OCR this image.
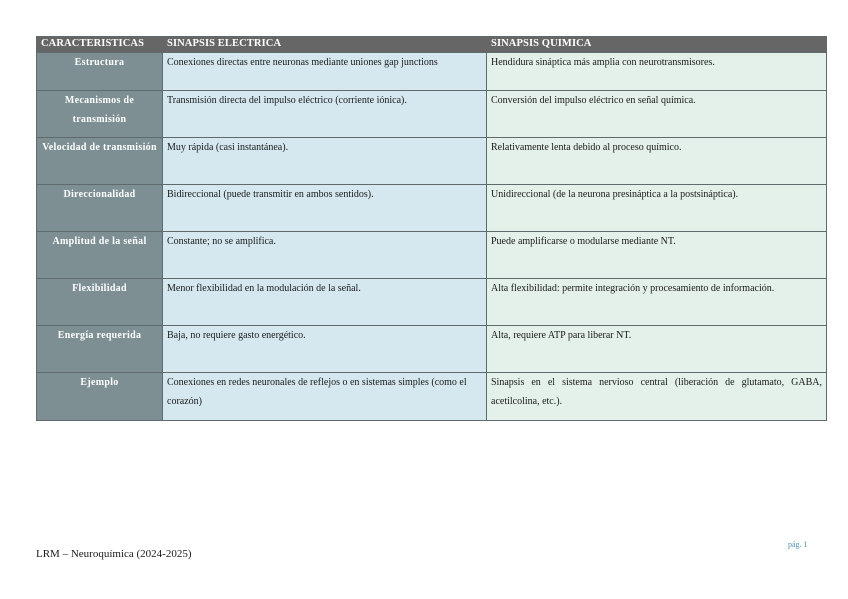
CARACTERISTICAS	SINAPSIS ELECTRICA	SINAPSIS QUIMICA
Estructura	Conexiones directas entre neuronas mediante uniones gap junctions	Hendidura sináptica más amplia con neurotransmisores.
Mecanismos de transmisión	Transmisión directa del impulso eléctrico (corriente iónica).	Conversión del impulso eléctrico en señal química.
Velocidad de transmisión	Muy rápida (casi instantánea).	Relativamente lenta debido al proceso químico.
Direccionalidad	Bidireccional (puede transmitir en ambos sentidos).	Unidireccional (de la neurona presináptica a la postsináptica).
Amplitud de la señal	Constante; no se amplifica.	Puede amplificarse o modularse mediante NT.
Flexibilidad	Menor flexibilidad en la modulación de la señal.	Alta flexibilidad: permite integración y procesamiento de información.
Energía requerida	Baja, no requiere gasto energético.	Alta, requiere ATP para liberar NT.
Ejemplo	Conexiones en redes neuronales de reflejos o en sistemas simples (como el corazón)	Sinapsis en el sistema nervioso central (liberación de glutamato, GABA, acetilcolina, etc.).
LRM – Neuroquímica (2024-2025)
pág. 1
